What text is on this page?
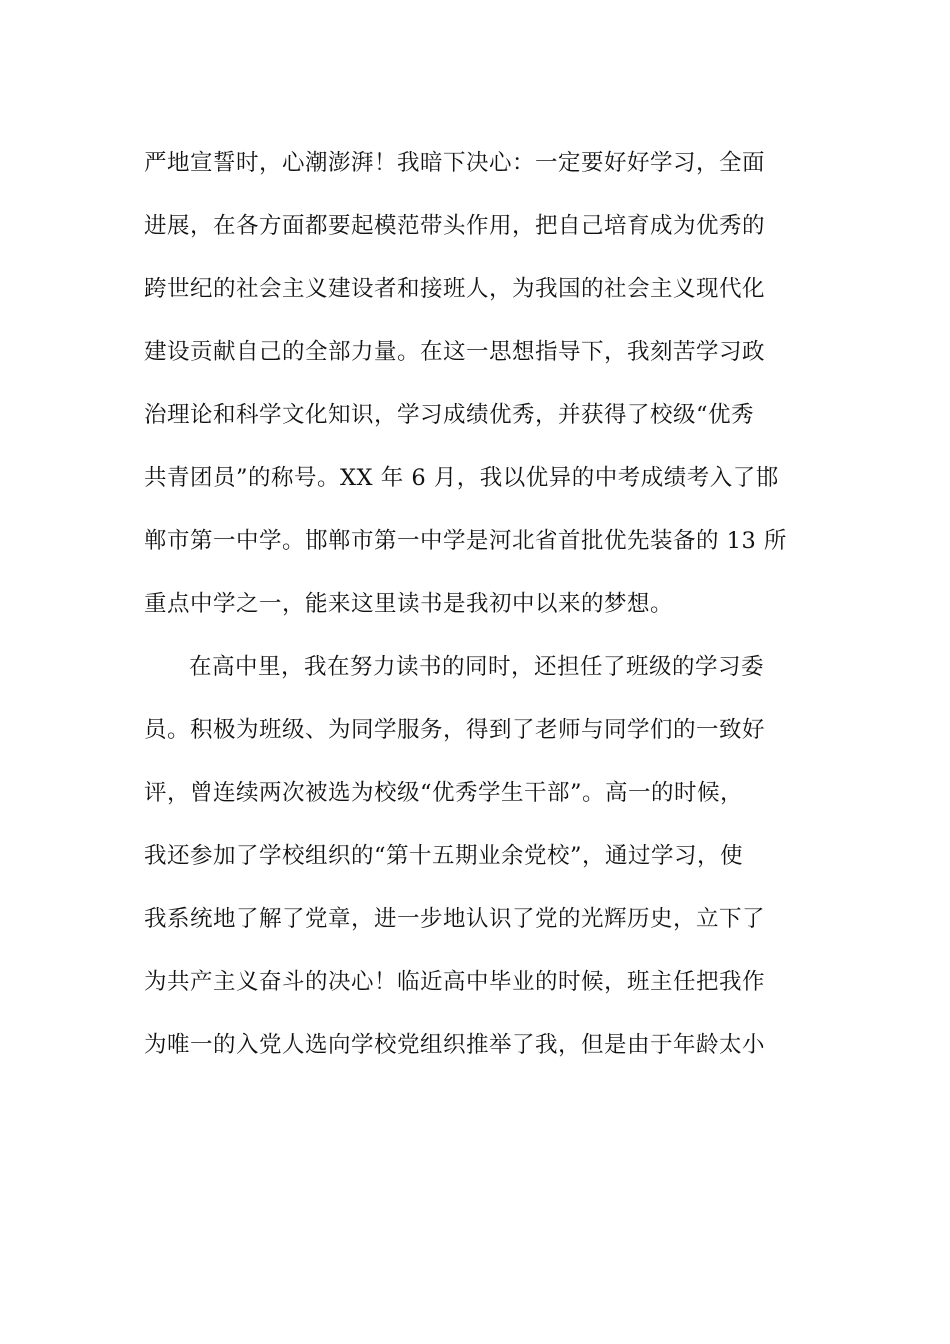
严地宣誓时，心潮澎湃！我暗下决心：一定要好好学习，全面
进展，在各方面都要起模范带头作用，把自己培育成为优秀的
跨世纪的社会主义建设者和接班人，为我国的社会主义现代化
建设贡献自己的全部力量。在这一思想指导下，我刻苦学习政
治理论和科学文化知识，学习成绩优秀，并获得了校级“优秀
共青团员”的称号。XX 年 6 月，我以优异的中考成绩考入了邯
郸市第一中学。邯郸市第一中学是河北省首批优先装备的 13 所
重点中学之一，能来这里读书是我初中以来的梦想。
在高中里，我在努力读书的同时，还担任了班级的学习委
员。积极为班级、为同学服务，得到了老师与同学们的一致好
评，曾连续两次被选为校级“优秀学生干部”。高一的时候，
我还参加了学校组织的“第十五期业余党校”，通过学习，使
我系统地了解了党章，进一步地认识了党的光辉历史，立下了
为共产主义奋斗的决心！临近高中毕业的时候，班主任把我作
为唯一的入党人选向学校党组织推举了我，但是由于年龄太小
